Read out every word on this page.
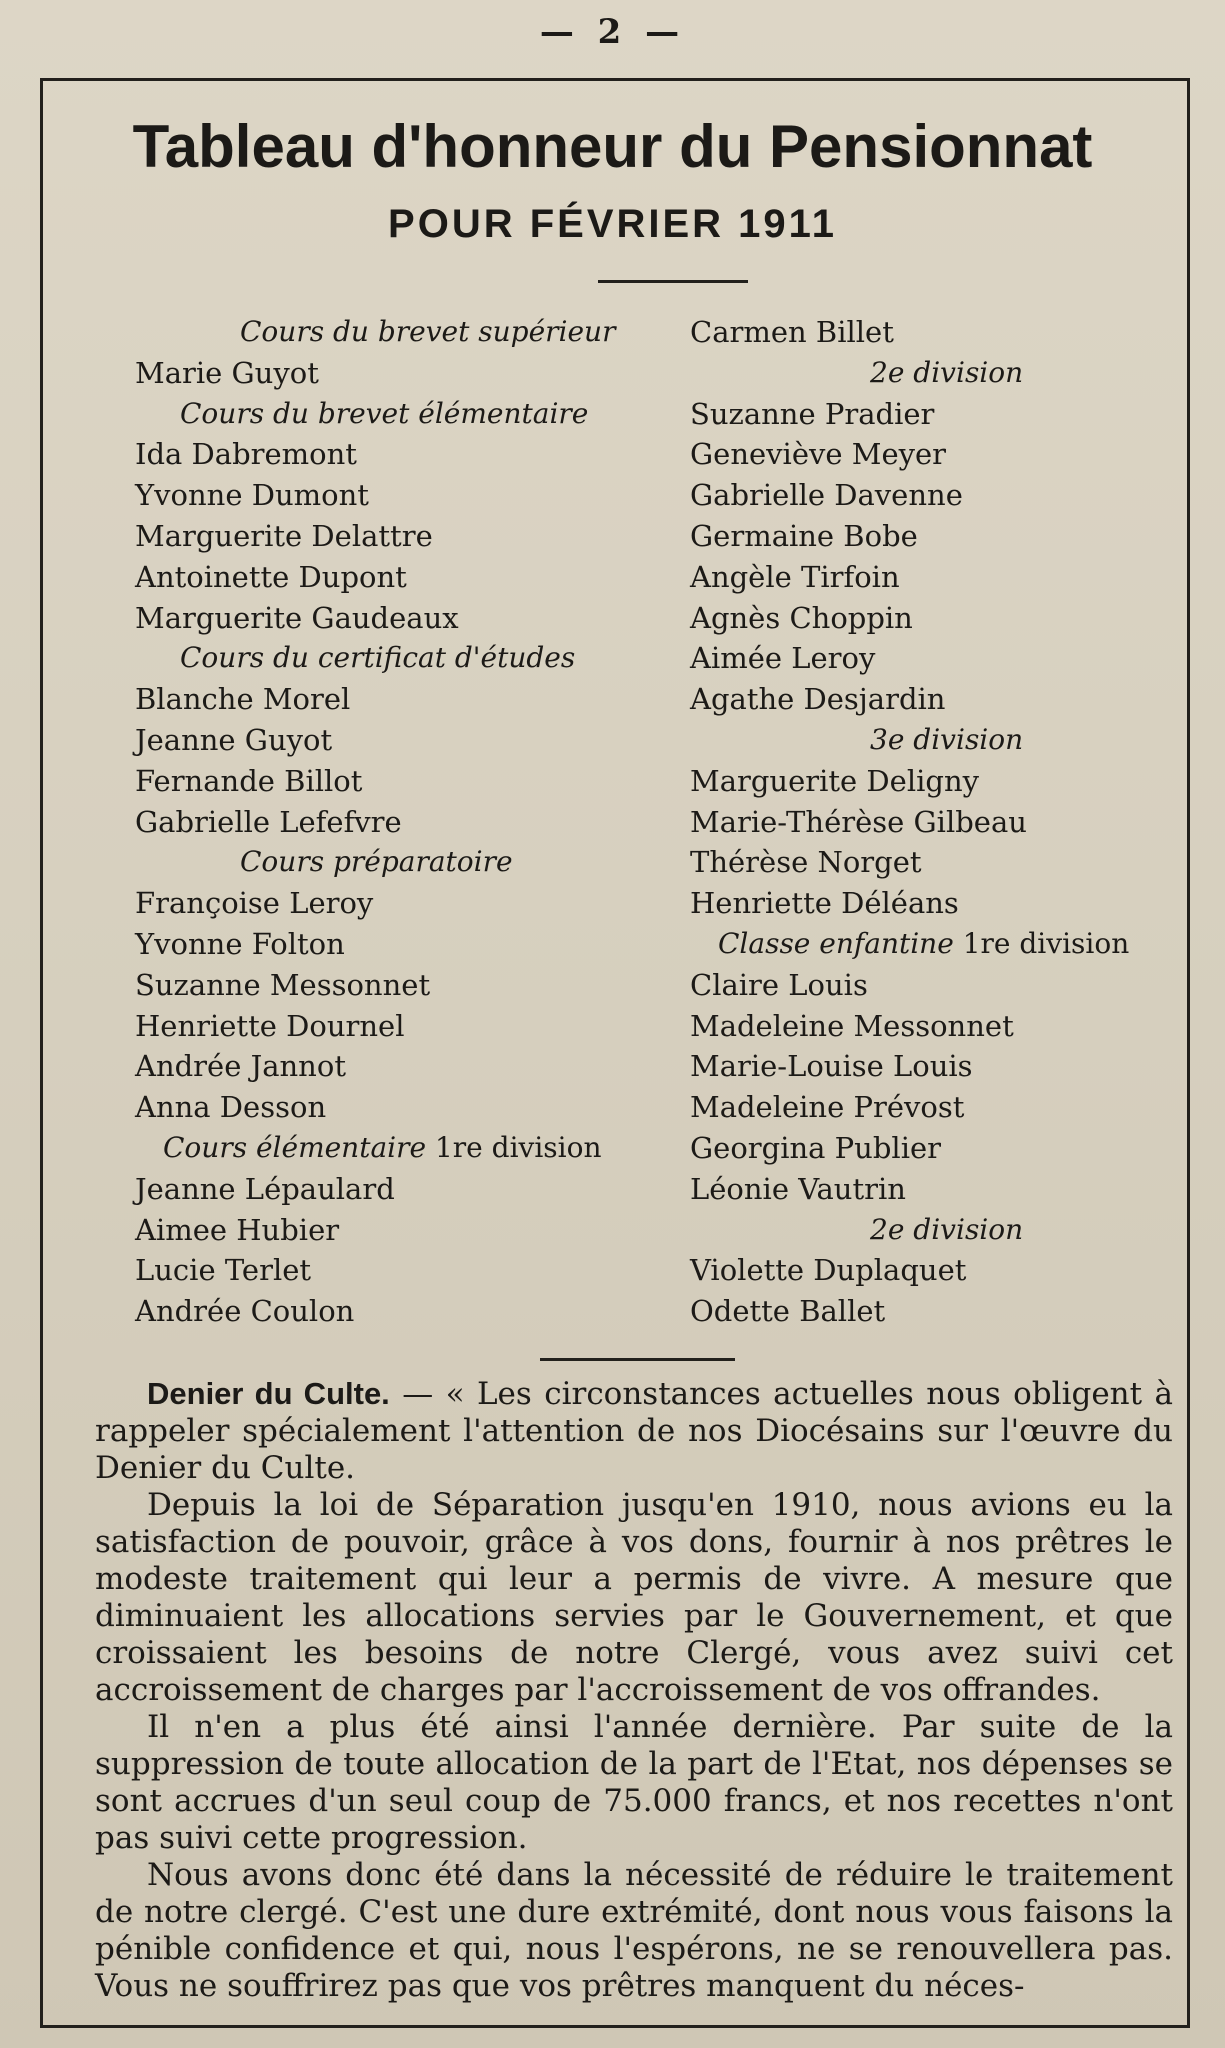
— 2 —
Tableau d'honneur du Pensionnat
POUR FÉVRIER 1911
Cours du brevet supérieur
Marie Guyot
Cours du brevet élémentaire
Ida Dabremont
Yvonne Dumont
Marguerite Delattre
Antoinette Dupont
Marguerite Gaudeaux
Cours du certificat d'études
Blanche Morel
Jeanne Guyot
Fernande Billot
Gabrielle Lefefvre
Cours préparatoire
Françoise Leroy
Yvonne Folton
Suzanne Messonnet
Henriette Dournel
Andrée Jannot
Anna Desson
Cours élémentaire 1re division
Jeanne Lépaulard
Aimee Hubier
Lucie Terlet
Andrée Coulon
Carmen Billet
2e division
Suzanne Pradier
Geneviève Meyer
Gabrielle Davenne
Germaine Bobe
Angèle Tirfoin
Agnès Choppin
Aimée Leroy
Agathe Desjardin
3e division
Marguerite Deligny
Marie-Thérèse Gilbeau
Thérèse Norget
Henriette Déléans
Classe enfantine 1re division
Claire Louis
Madeleine Messonnet
Marie-Louise Louis
Madeleine Prévost
Georgina Publier
Léonie Vautrin
2e division
Violette Duplaquet
Odette Ballet

Denier du Culte. — « Les circonstances actuelles nous obligent à rappeler spécialement l'attention de nos Diocésains sur l'œuvre du Denier du Culte.

Depuis la loi de Séparation jusqu'en 1910, nous avions eu la satisfaction de pouvoir, grâce à vos dons, fournir à nos prêtres le modeste traitement qui leur a permis de vivre. A mesure que diminuaient les allocations servies par le Gouvernement, et que croissaient les besoins de notre Clergé, vous avez suivi cet accroissement de charges par l'accroissement de vos offrandes.

Il n'en a plus été ainsi l'année dernière. Par suite de la suppression de toute allocation de la part de l'Etat, nos dépenses se sont accrues d'un seul coup de 75.000 francs, et nos recettes n'ont pas suivi cette progression.

Nous avons donc été dans la nécessité de réduire le traitement de notre clergé. C'est une dure extrémité, dont nous vous faisons la pénible confidence et qui, nous l'espérons, ne se renouvellera pas. Vous ne souffrirez pas que vos prêtres manquent du néces-
